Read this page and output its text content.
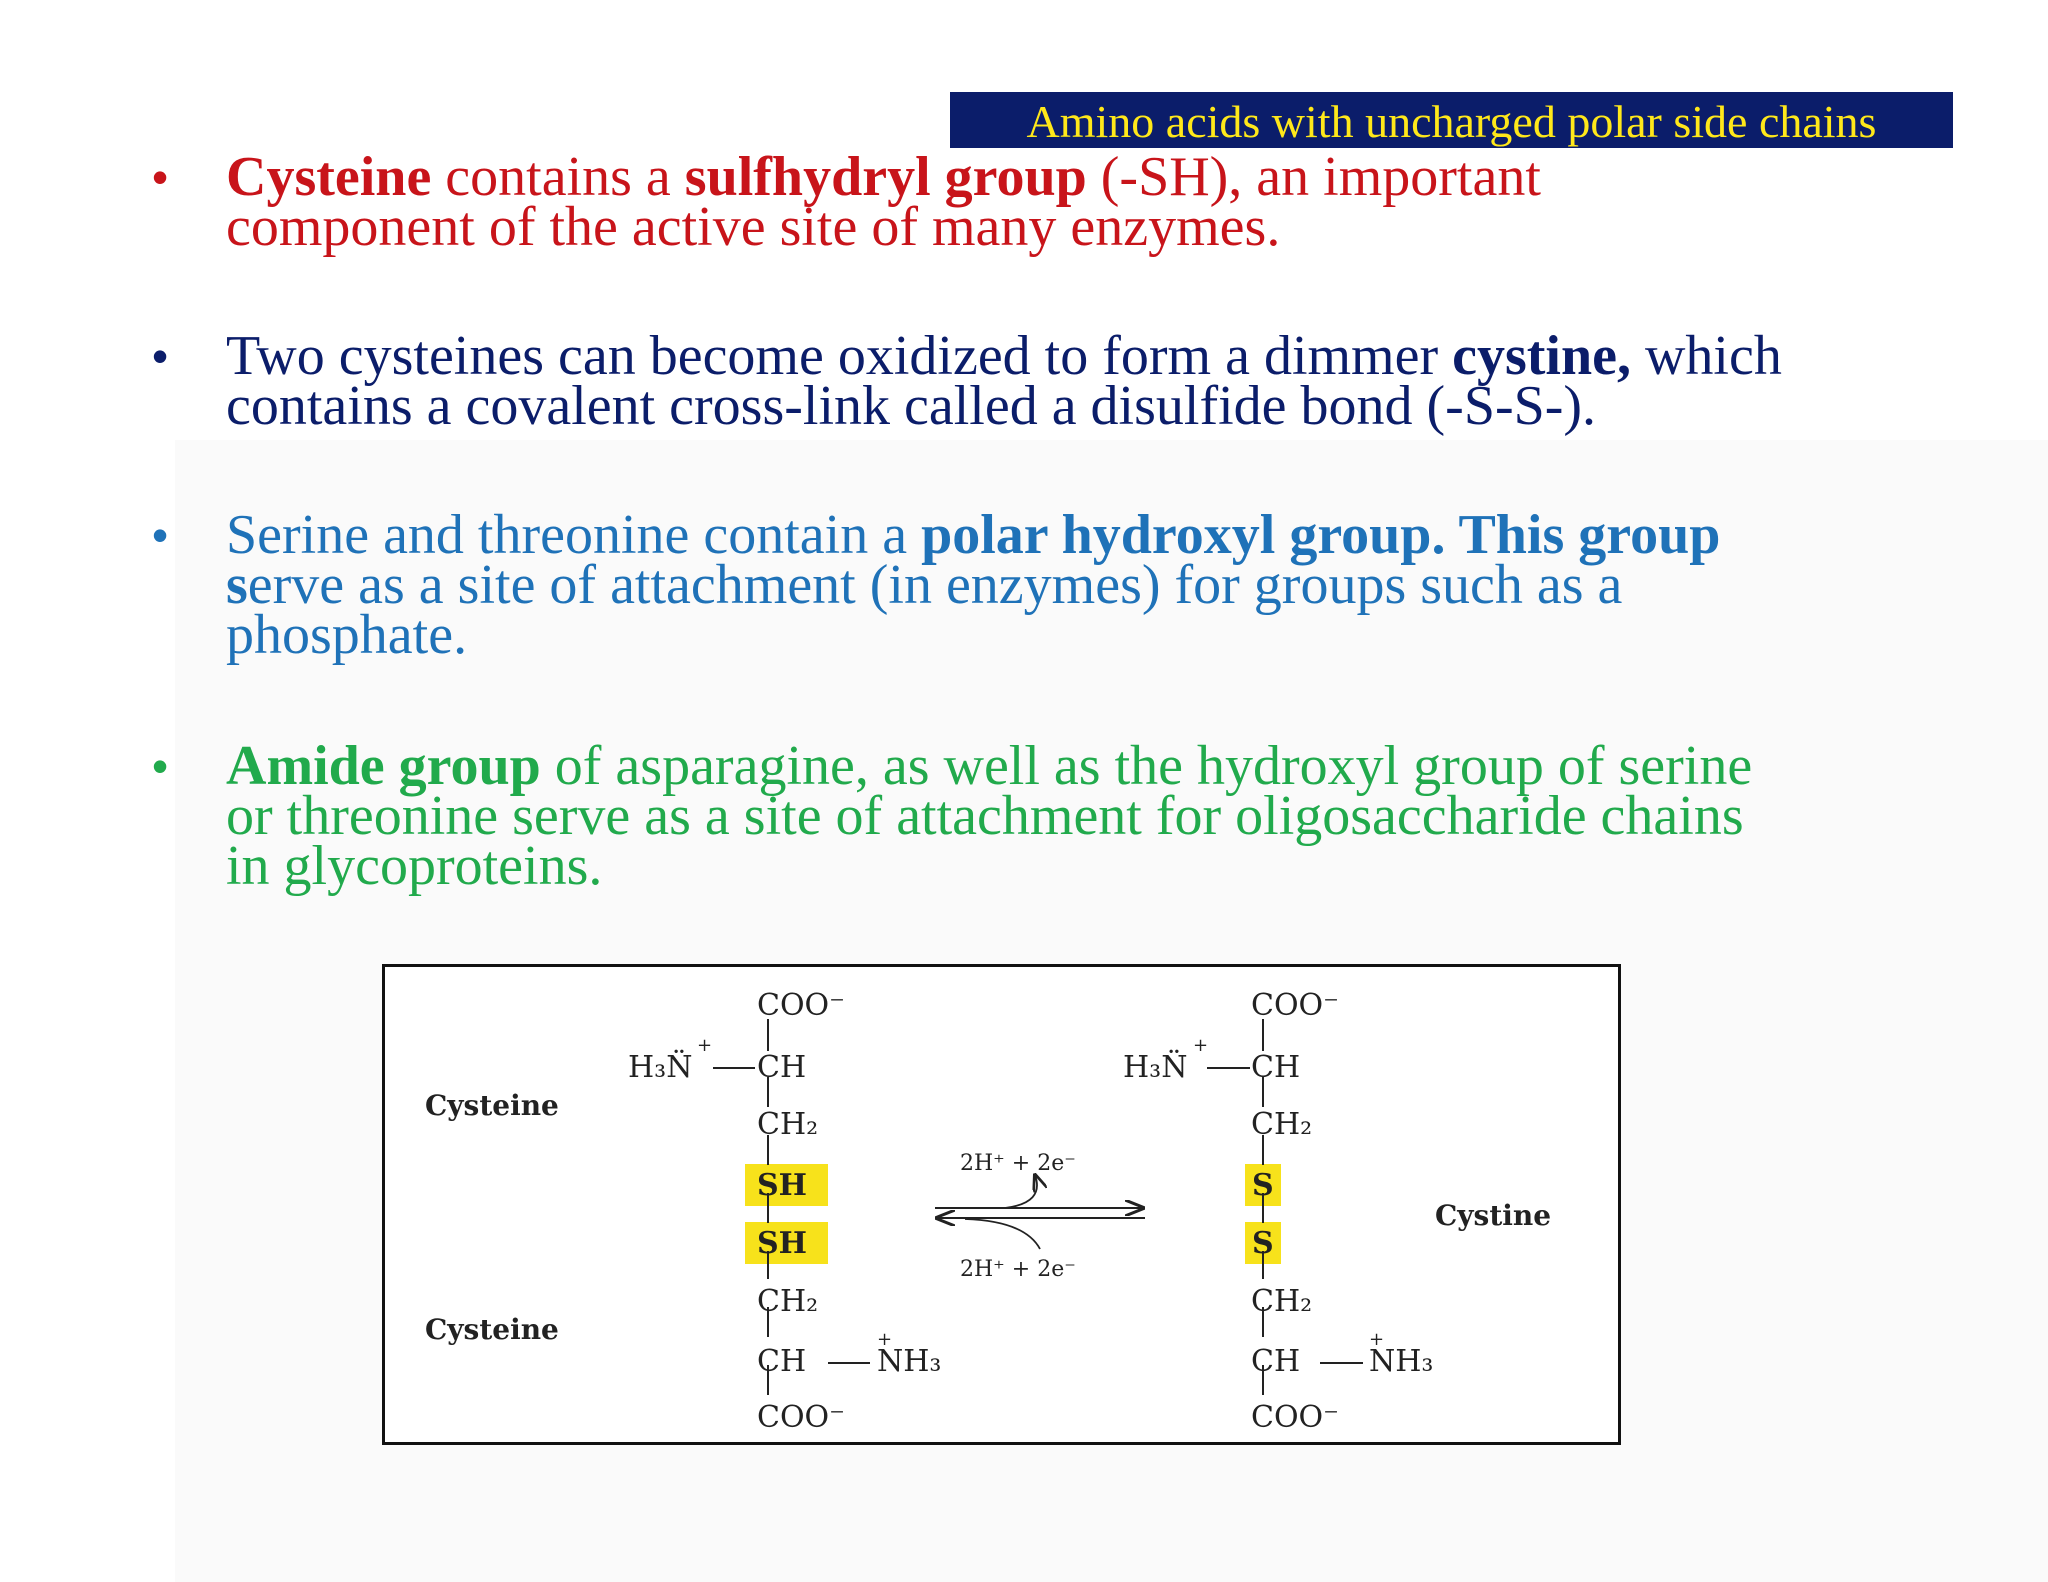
Amino acids with uncharged polar side chains
• Cysteine contains a sulfhydryl group (-SH), an important
component of the active site of many enzymes.
• Two cysteines can become oxidized to form a dimmer cystine, which
contains a covalent cross-link called a disulfide bond (-S-S-).
• Serine and threonine contain a polar hydroxyl group. This group
serve as a site of attachment (in enzymes) for groups such as a
phosphate.
• Amide group of asparagine, as well as the hydroxyl group of serine
or threonine serve as a site of attachment for oligosaccharide chains
in glycoproteins.
Cysteine
Cysteine
Cystine
COO⁻
H₃N̈
+
CH
CH₂
SH
SH
CH₂
CH NH₃
+
COO⁻
2H⁺ + 2e⁻
2H⁺ + 2e⁻
COO⁻
H₃N̈
+
CH
CH₂
S
S
CH₂
CH NH₃
+
COO⁻
